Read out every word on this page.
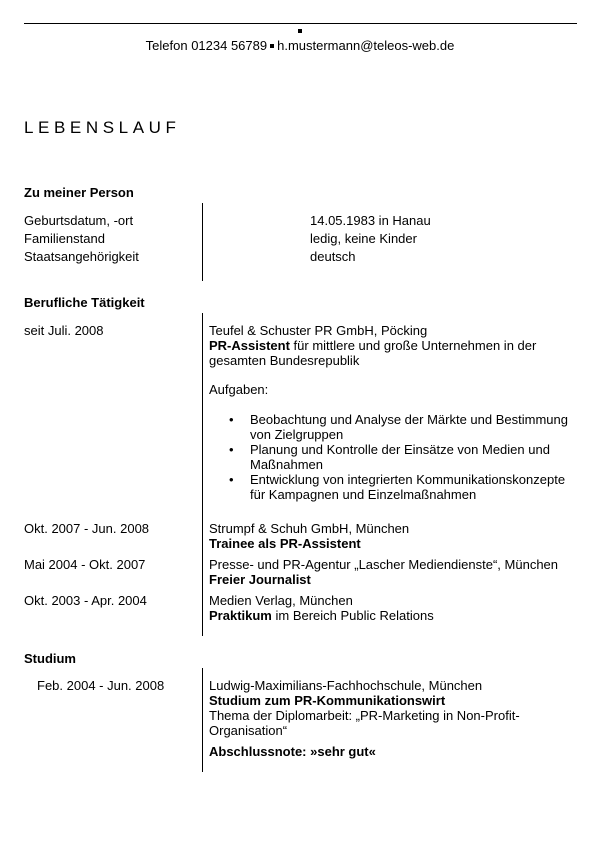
Telefon 01234 56789 h.mustermann@teleos-web.de
LEBENSLAUF
Zu meiner Person
Geburtsdatum, -ort	14.05.1983 in Hanau
Familienstand	ledig, keine Kinder
Staatsangehörigkeit	deutsch
Berufliche Tätigkeit
seit Juli. 2008	Teufel & Schuster PR GmbH, Pöcking
PR-Assistent für mittlere und große Unternehmen in der
gesamten Bundesrepublik
Aufgaben:
• Beobachtung und Analyse der Märkte und Bestimmung
von Zielgruppen
• Planung und Kontrolle der Einsätze von Medien und
Maßnahmen
• Entwicklung von integrierten Kommunikationskonzepte
für Kampagnen und Einzelmaßnahmen
Okt. 2007 - Jun. 2008	Strumpf & Schuh GmbH, München
Trainee als PR-Assistent
Mai 2004 - Okt. 2007	Presse- und PR-Agentur „Lascher Mediendienste“, München
Freier Journalist
Okt. 2003 - Apr. 2004	Medien Verlag, München
Praktikum im Bereich Public Relations
Studium
Feb. 2004 - Jun. 2008	Ludwig-Maximilians-Fachhochschule, München
Studium zum PR-Kommunikationswirt
Thema der Diplomarbeit: „PR-Marketing in Non-Profit-
Organisation“
Abschlussnote: »sehr gut«
